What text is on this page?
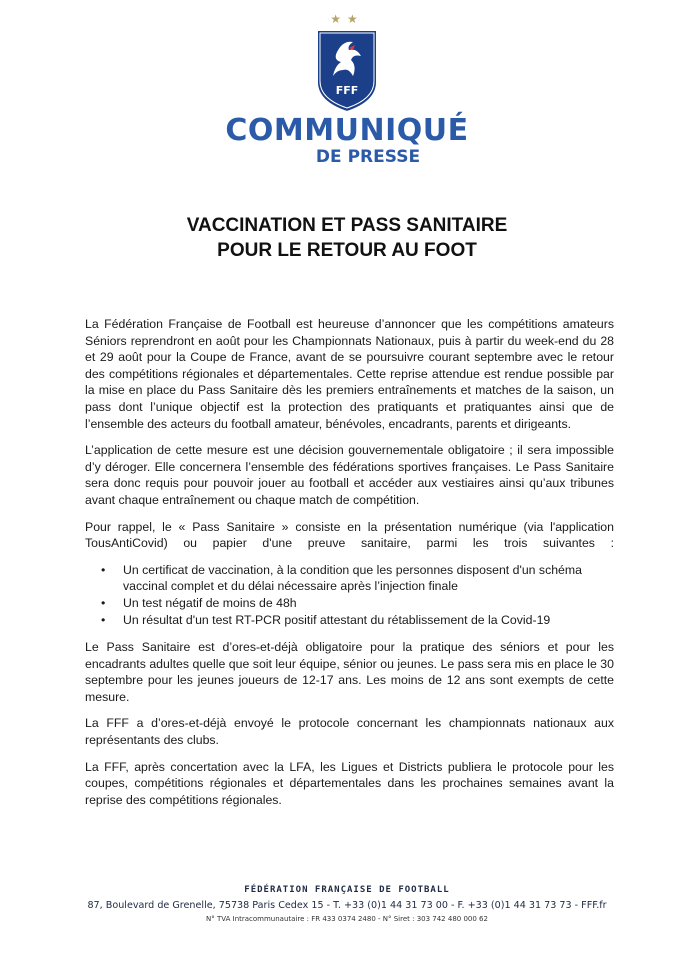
★★
FFF
COMMUNIQUÉ
DE PRESSE
VACCINATION ET PASS SANITAIRE
POUR LE RETOUR AU FOOT

La Fédération Française de Football est heureuse d’annoncer que les compétitions amateurs Séniors reprendront en août pour les Championnats Nationaux, puis à partir du week-end du 28 et 29 août pour la Coupe de France, avant de se poursuivre courant septembre avec le retour des compétitions régionales et départementales. Cette reprise attendue est rendue possible par la mise en place du Pass Sanitaire dès les premiers entraînements et matches de la saison, un pass dont l’unique objectif est la protection des pratiquants et pratiquantes ainsi que de l’ensemble des acteurs du football amateur, bénévoles, encadrants, parents et dirigeants.

L’application de cette mesure est une décision gouvernementale obligatoire ; il sera impossible d’y déroger. Elle concernera l’ensemble des fédérations sportives françaises. Le Pass Sanitaire sera donc requis pour pouvoir jouer au football et accéder aux vestiaires ainsi qu’aux tribunes avant chaque entraînement ou chaque match de compétition.

Pour rappel, le « Pass Sanitaire » consiste en la présentation numérique (via l'application TousAntiCovid) ou papier d'une preuve sanitaire, parmi les trois suivantes :

• Un certificat de vaccination, à la condition que les personnes disposent d'un schéma vaccinal complet et du délai nécessaire après l’injection finale
• Un test négatif de moins de 48h
• Un résultat d'un test RT-PCR positif attestant du rétablissement de la Covid-19

Le Pass Sanitaire est d’ores-et-déjà obligatoire pour la pratique des séniors et pour les encadrants adultes quelle que soit leur équipe, sénior ou jeunes. Le pass sera mis en place le 30 septembre pour les jeunes joueurs de 12-17 ans. Les moins de 12 ans sont exempts de cette mesure.

La FFF a d’ores-et-déjà envoyé le protocole concernant les championnats nationaux aux représentants des clubs.

La FFF, après concertation avec la LFA, les Ligues et Districts publiera le protocole pour les coupes, compétitions régionales et départementales dans les prochaines semaines avant la reprise des compétitions régionales.

FÉDÉRATION FRANÇAISE DE FOOTBALL
87, Boulevard de Grenelle, 75738 Paris Cedex 15 - T. +33 (0)1 44 31 73 00 - F. +33 (0)1 44 31 73 73 - FFF.fr
N° TVA Intracommunautaire : FR 433 0374 2480 - N° Siret : 303 742 480 000 62
